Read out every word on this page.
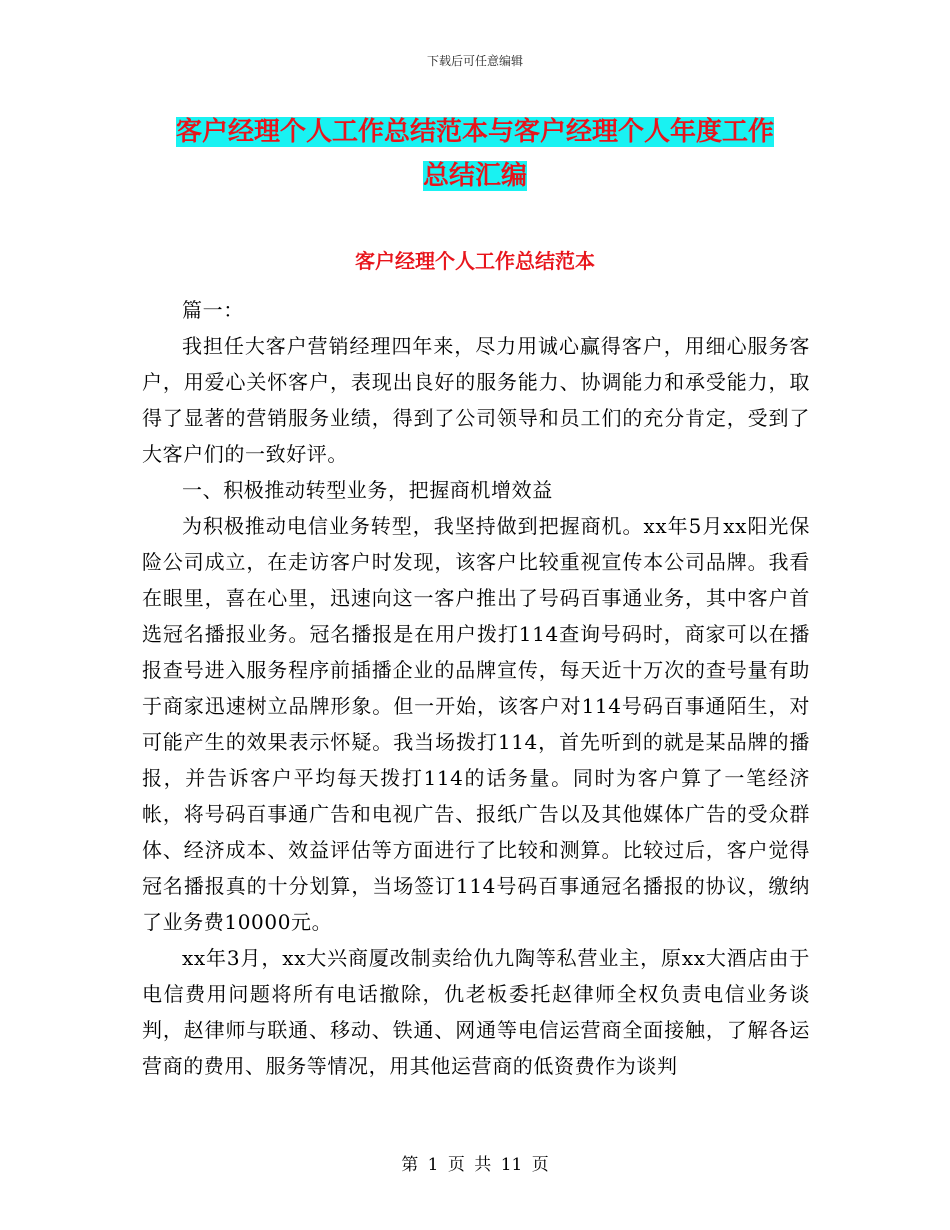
下载后可任意编辑
客户经理个人工作总结范本与客户经理个人年度工作
总结汇编
客户经理个人工作总结范本

篇一：

我担任大客户营销经理四年来，尽力用诚心赢得客户，用细心服务客户，用爱心关怀客户，表现出良好的服务能力、协调能力和承受能力，取得了显著的营销服务业绩，得到了公司领导和员工们的充分肯定，受到了大客户们的一致好评。

一、积极推动转型业务，把握商机增效益

为积极推动电信业务转型，我坚持做到把握商机。xx年5月xx阳光保险公司成立，在走访客户时发现，该客户比较重视宣传本公司品牌。我看在眼里，喜在心里，迅速向这一客户推出了号码百事通业务，其中客户首选冠名播报业务。冠名播报是在用户拨打114查询号码时，商家可以在播报查号进入服务程序前插播企业的品牌宣传，每天近十万次的查号量有助于商家迅速树立品牌形象。但一开始，该客户对114号码百事通陌生，对可能产生的效果表示怀疑。我当场拨打114，首先听到的就是某品牌的播报，并告诉客户平均每天拨打114的话务量。同时为客户算了一笔经济帐，将号码百事通广告和电视广告、报纸广告以及其他媒体广告的受众群体、经济成本、效益评估等方面进行了比较和测算。比较过后，客户觉得冠名播报真的十分划算，当场签订114号码百事通冠名播报的协议，缴纳了业务费10000元。

xx年3月，xx大兴商厦改制卖给仇九陶等私营业主，原xx大酒店由于电信费用问题将所有电话撤除，仇老板委托赵律师全权负责电信业务谈判，赵律师与联通、移动、铁通、网通等电信运营商全面接触，了解各运营商的费用、服务等情况，用其他运营商的低资费作为谈判

第 1 页 共 11 页
